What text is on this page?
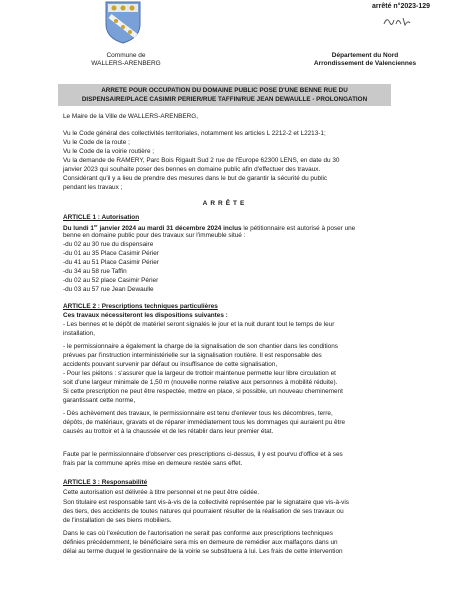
arrêté n°2023-129
Commune de
WALLERS-ARENBERG
Département du Nord
Arrondissement de Valenciennes
ARRETE POUR OCCUPATION DU DOMAINE PUBLIC POSE D'UNE BENNE RUE DU
DISPENSAIRE/PLACE CASIMIR PERIER/RUE TAFFIN/RUE JEAN DEWAULLE - PROLONGATION
Le Maire de la Ville de WALLERS-ARENBERG,
Vu le Code général des collectivités territoriales, notamment les articles L 2212-2 et L2213-1;
Vu le Code de la route ;
Vu le Code de la voirie routière ;
Vu la demande de RAMERY, Parc Bois Rigault Sud 2 rue de l'Europe 62300 LENS, en date du 30
janvier 2023 qui souhaite poser des bennes en domaine public afin d'effectuer des travaux.
Considérant qu'il y a lieu de prendre des mesures dans le but de garantir la sécurité du public
pendant les travaux ;
ARRÊTE
ARTICLE 1 : Autorisation
Du lundi 1er janvier 2024 au mardi 31 décembre 2024 inclus le pétitionnaire est autorisé à poser une
benne en domaine public pour des travaux sur l'immeuble situé :
-du 02 au 30 rue du dispensaire
-du 01 au 35 Place Casimir Périer
-du 41 au 51 Place Casimir Périer
-du 34 au 58 rue Taffin
-du 02 au 52 place Casimir Périer
-du 03 au 57 rue Jean Dewaulle
ARTICLE 2 : Prescriptions techniques particulières
Ces travaux nécessiteront les dispositions suivantes :
- Les bennes et le dépôt de matériel seront signalés le jour et la nuit durant tout le temps de leur
installation,
- le permissionnaire a également la charge de la signalisation de son chantier dans les conditions
prévues par l'instruction interministérielle sur la signalisation routière. Il est responsable des
accidents pouvant survenir par défaut ou insuffisance de cette signalisation,
- Pour les piétons : s'assurer que la largeur de trottoir maintenue permette leur libre circulation et
soit d'une largeur minimale de 1,50 m (nouvelle norme relative aux personnes à mobilité réduite).
Si cette prescription ne peut être respectée, mettre en place, si possible, un nouveau cheminement
garantissant cette norme,
- Dès achèvement des travaux, le permissionnaire est tenu d'enlever tous les décombres, terre,
dépôts, de matériaux, gravats et de réparer immédiatement tous les dommages qui auraient pu être
causés au trottoir et à la chaussée et de les rétablir dans leur premier état.
Faute par le permissionnaire d'observer ces prescriptions ci-dessus, il y est pourvu d'office et à ses
frais par la commune après mise en demeure restée sans effet.
ARTICLE 3 : Responsabilité
Cette autorisation est délivrée à titre personnel et ne peut être cédée.
Son titulaire est responsable tant vis-à-vis de la collectivité représentée par le signataire que vis-à-vis
des tiers, des accidents de toutes natures qui pourraient résulter de la réalisation de ses travaux ou
de l'installation de ses biens mobiliers.
Dans le cas où l'exécution de l'autorisation ne serait pas conforme aux prescriptions techniques
définies précédemment, le bénéficiaire sera mis en demeure de remédier aux malfaçons dans un
délai au terme duquel le gestionnaire de la voirie se substituera à lui. Les frais de cette intervention
